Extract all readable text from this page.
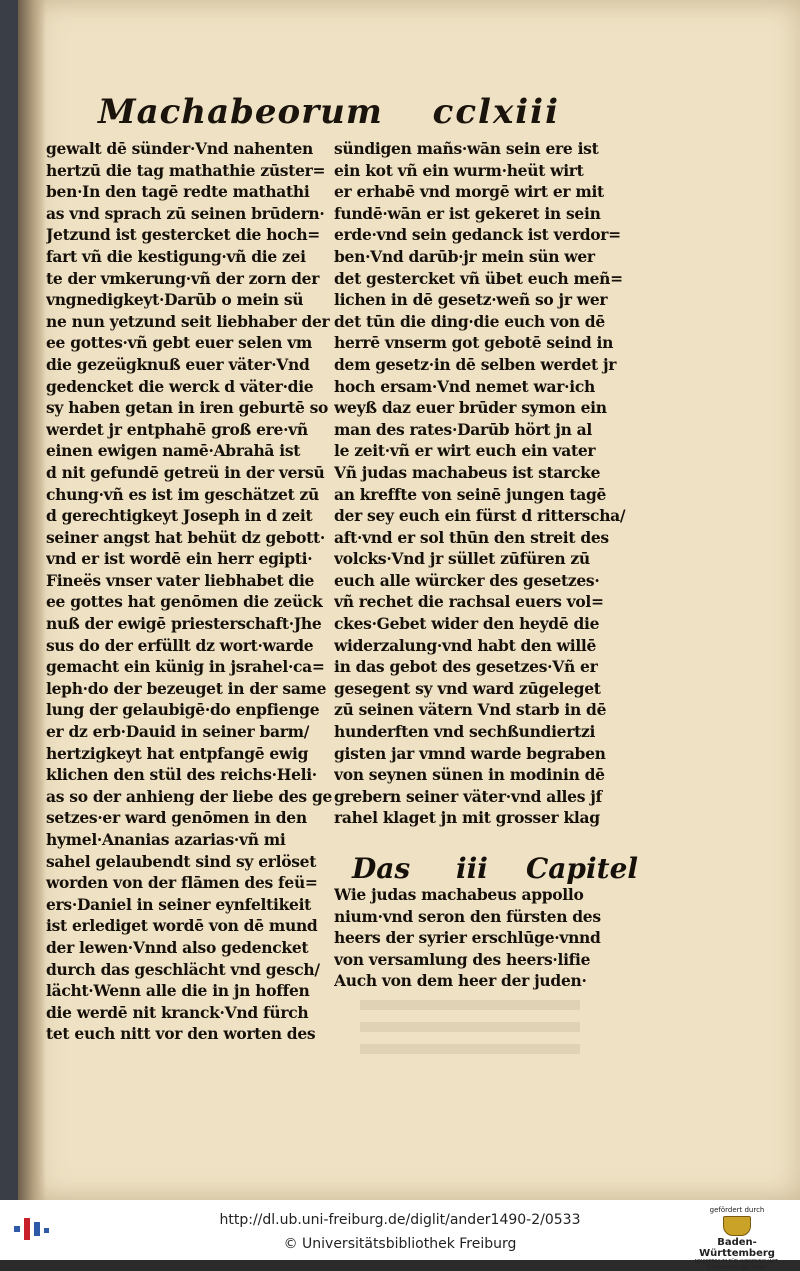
Machabeorum cclxiii
gewalt dē sünder·Vnd nahenten
hertzū die tag mathathie zūster=
ben·In den tagē redte mathathi
as vnd sprach zū seinen brūdern·
Jetzund ist gestercket die hoch=
fart vñ die kestigung·vñ die zei
te der vmkerung·vñ der zorn der
vngnedigkeyt·Darūb o mein sü
ne nun yetzund seit liebhaber der
ee gottes·vñ gebt euer selen vm
die gezeügknuß euer väter·Vnd
gedencket die werck d väter·die
sy haben getan in iren geburtē so
werdet jr entphahē groß ere·vñ
einen ewigen namē·Abrahā ist
d nit gefundē getreü in der versū
chung·vñ es ist im geschätzet zū
d gerechtigkeyt Joseph in d zeit
seiner angst hat behüt dz gebott·
vnd er ist wordē ein herr egipti·
Fineës vnser vater liebhabet die
ee gottes hat genōmen die zeück
nuß der ewigē priesterschaft·Jhe
sus do der erfüllt dz wort·warde
gemacht ein künig in jsrahel·ca=
leph·do der bezeuget in der same
lung der gelaubigē·do enpfienge
er dz erb·Dauid in seiner barm/
hertzigkeyt hat entpfangē ewig
klichen den stül des reichs·Heli·
as so der anhieng der liebe des ge
setzes·er ward genōmen in den
hymel·Ananias azarias·vñ mi
sahel gelaubendt sind sy erlöset
worden von der flāmen des feü=
ers·Daniel in seiner eynfeltikeit
ist erlediget wordē von dē mund
der lewen·Vnnd also gedencket
durch das geschlächt vnd gesch/
lächt·Wenn alle die in jn hoffen
die werdē nit kranck·Vnd fürch
tet euch nitt vor den worten des
sündigen mañs·wān sein ere ist
ein kot vñ ein wurm·heüt wirt
er erhabē vnd morgē wirt er mit
fundē·wān er ist gekeret in sein
erde·vnd sein gedanck ist verdor=
ben·Vnd darūb·jr mein sün wer
det gestercket vñ übet euch meñ=
lichen in dē gesetz·weñ so jr wer
det tūn die ding·die euch von dē
herrē vnserm got gebotē seind in
dem gesetz·in dē selben werdet jr
hoch ersam·Vnd nemet war·ich
weyß daz euer brūder symon ein
man des rates·Darūb hört jn al
le zeit·vñ er wirt euch ein vater
Vñ judas machabeus ist starcke
an kreffte von seinē jungen tagē
der sey euch ein fürst d ritterscha/
aft·vnd er sol thūn den streit des
volcks·Vnd jr süllet zūfüren zū
euch alle würcker des gesetzes·
vñ rechet die rachsal euers vol=
ckes·Gebet wider den heydē die
widerzalung·vnd habt den willē
in das gebot des gesetzes·Vñ er
gesegent sy vnd ward zūgeleget
zū seinen vätern Vnd starb in dē
hunderften vnd sechßundiertzi
gisten jar vmnd warde begraben
von seynen sünen in modinin dē
grebern seiner väter·vnd alles jf
rahel klaget jn mit grosser klag
Das iii Capitel
Wie judas machabeus appollo
nium·vnd seron den fürsten des
heers der syrier erschlūge·vnnd
von versamlung des heers·lifie
Auch von dem heer der juden·
http://dl.ub.uni-freiburg.de/diglit/ander1490-2/0533
© Universitätsbibliothek Freiburg
gefördert durch
Baden-Württemberg
MINISTERIUM FÜR WISSENSCHAFT, FORSCHUNG UND KUNST
